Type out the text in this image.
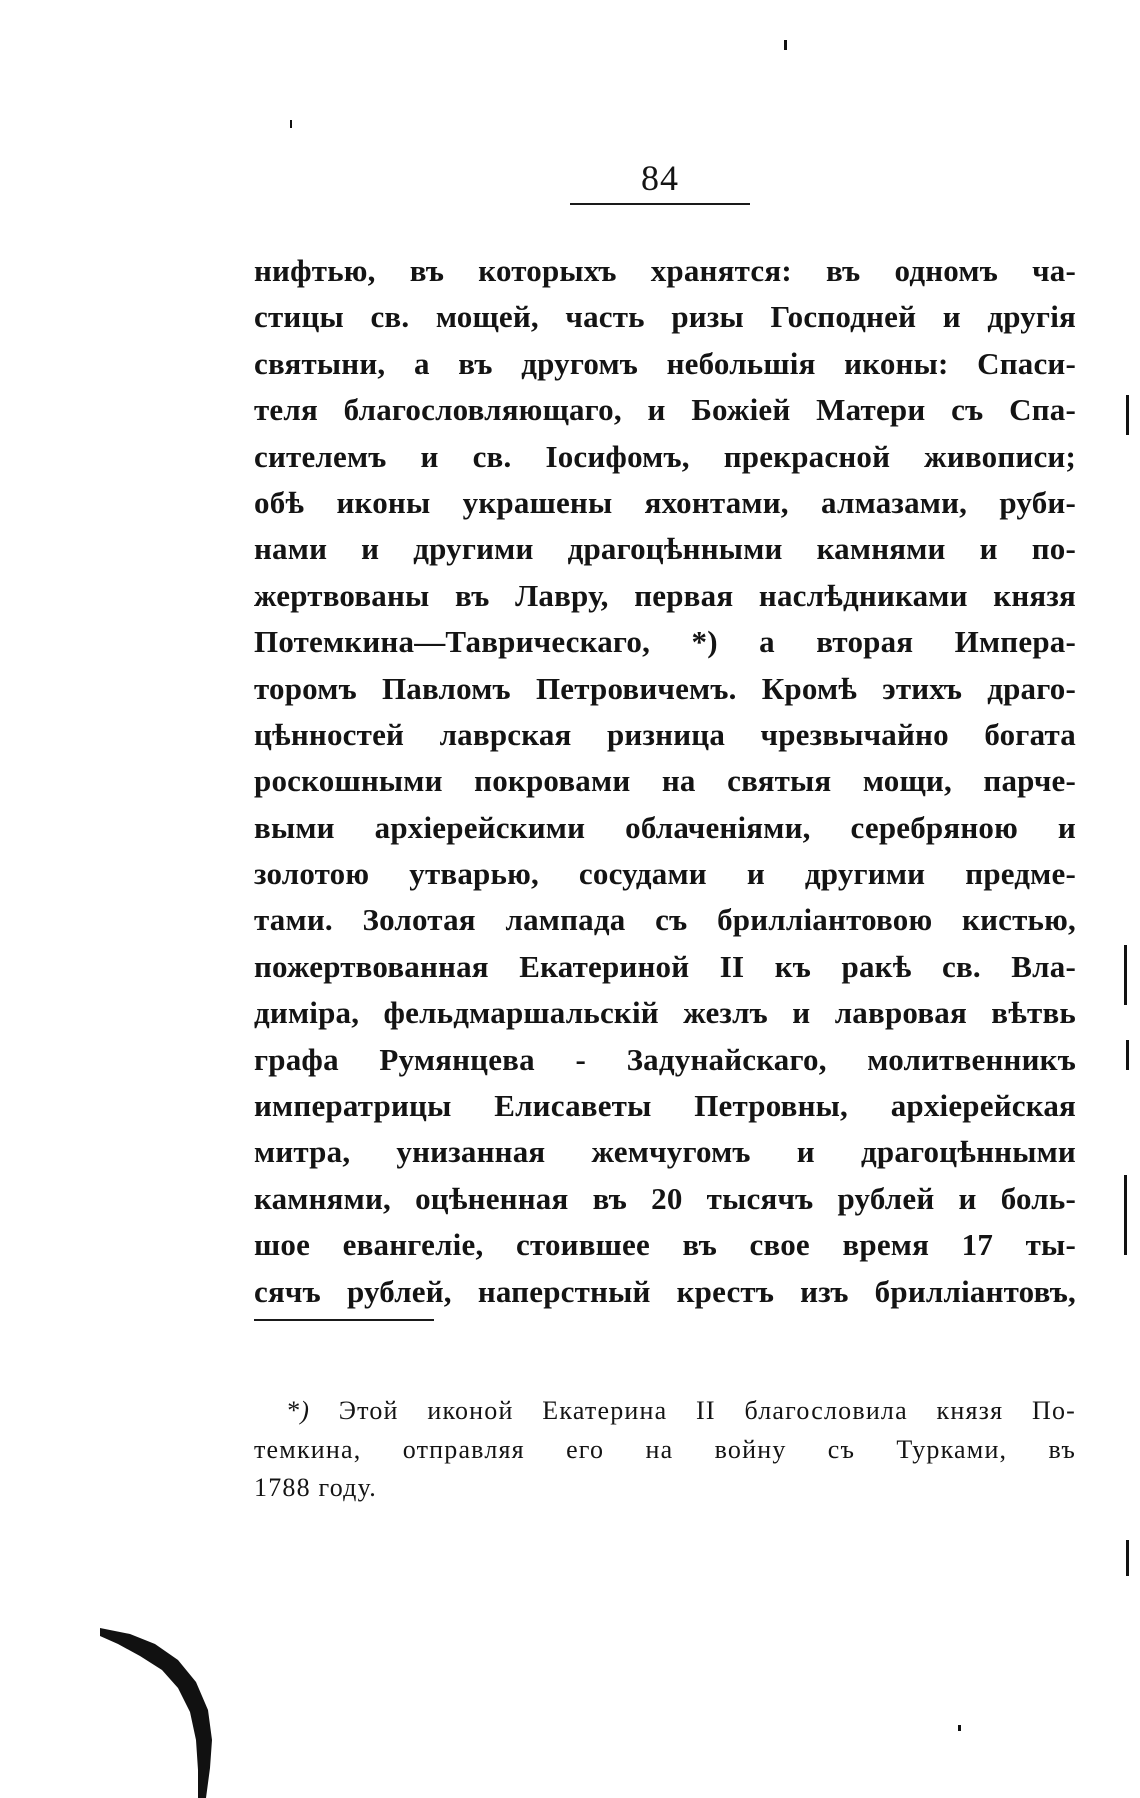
84
нифтью, въ которыхъ хранятся: въ одномъ ча-
стицы св. мощей, часть ризы Господней и другія
святыни, а въ другомъ небольшія иконы: Спаси-
теля благословляющаго, и Божіей Матери съ Спа-
сителемъ и св. Іосифомъ, прекрасной живописи;
обѣ иконы украшены яхонтами, алмазами, руби-
нами и другими драгоцѣнными камнями и по-
жертвованы въ Лавру, первая наслѣдниками князя
Потемкина—Таврическаго, *) а вторая Импера-
торомъ Павломъ Петровичемъ. Кромѣ этихъ драго-
цѣнностей лаврская ризница чрезвычайно богата
роскошными покровами на святыя мощи, парче-
выми архіерейскими облаченіями, серебряною и
золотою утварью, сосудами и другими предме-
тами. Золотая лампада съ бриллiантовою кистью,
пожертвованная Екатериной II къ ракѣ св. Вла-
диміра, фельдмаршальскій жезлъ и лавровая вѣтвь
графа Румянцева - Задунайскаго, молитвенникъ
императрицы Елисаветы Петровны, архіерейская
митра, унизанная жемчугомъ и драгоцѣнными
камнями, оцѣненная въ 20 тысячъ рублей и боль-
шое евангеліе, стоившее въ свое время 17 ты-
сячъ рублей, наперстный крестъ изъ бриллiантовъ,
*) Этой иконой Екатерина II благословила князя По-
темкина, отправляя его на войну съ Турками, въ
1788 году.
